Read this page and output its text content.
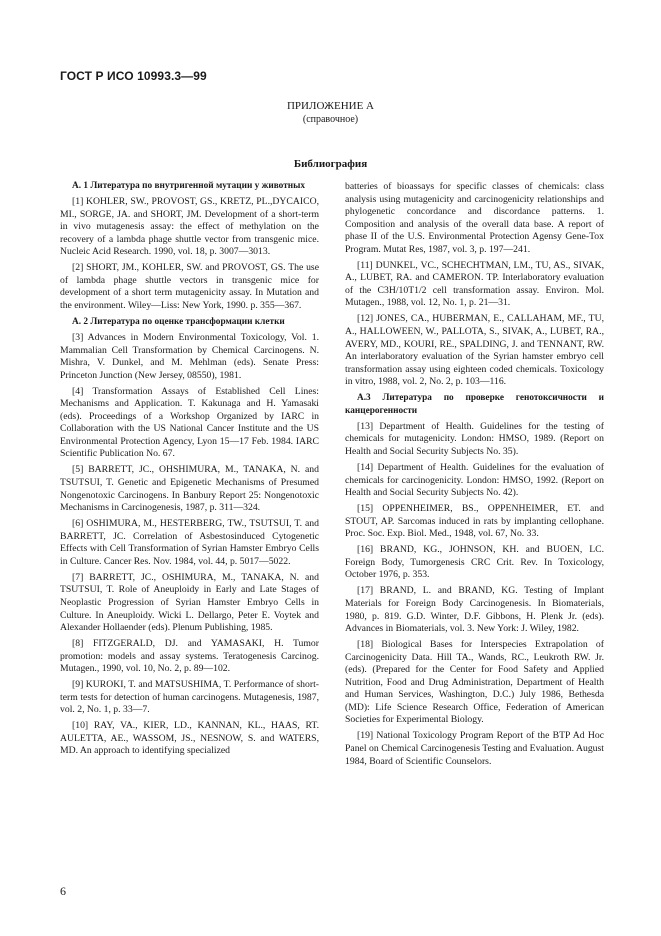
ГОСТ Р ИСО 10993.3—99
ПРИЛОЖЕНИЕ А
(справочное)
Библиография

А. 1 Литература по внутригенной мутации у животных

[1] KOHLER, SW., PROVOST, GS., KRETZ, PL.,DYCAICO, MI., SORGE, JA. and SHORT, JM. Development of a short-term in vivo mutagenesis assay: the effect of methylation on the recovery of a lambda phage shuttle vector from transgenic mice. Nucleic Acid Research. 1990, vol. 18, p. 3007—3013.

[2] SHORT, JM., KOHLER, SW. and PROVOST, GS. The use of lambda phage shuttle vectors in transgenic mice for development of a short term mutagenicity assay. In Mutation and the environment. Wiley—Liss: New York, 1990. p. 355—367.

А. 2 Литература по оценке трансформации клетки

[3] Advances in Modern Environmental Toxicology, Vol. 1. Mammalian Cell Transformation by Chemical Carcinogens. N. Mishra, V. Dunkel, and M. Mehlman (eds). Senate Press: Princeton Junction (New Jersey, 08550), 1981.

[4] Transformation Assays of Established Cell Lines: Mechanisms and Application. T. Kakunaga and H. Yamasaki (eds). Proceedings of a Workshop Organized by IARC in Collaboration with the US National Cancer Institute and the US Environmental Protection Agency, Lyon 15—17 Feb. 1984. IARC Scientific Publication No. 67.

[5] BARRETT, JC., OHSHIMURA, M., TANAKA, N. and TSUTSUI, T. Genetic and Epigenetic Mechanisms of Presumed Nongenotoxic Carcinogens. In Banbury Report 25: Nongenotoxic Mechanisms in Carcinogenesis, 1987, p. 311—324.

[6] OSHIMURA, M., HESTERBERG, TW., TSUTSUI, T. and BARRETT, JC. Correlation of Asbestosinduced Cytogenetic Effects with Cell Transformation of Syrian Hamster Embryo Cells in Culture. Cancer Res. Nov. 1984, vol. 44, p. 5017—5022.

[7] BARRETT, JC., OSHIMURA, M., TANAKA, N. and TSUTSUI, T. Role of Aneuploidy in Early and Late Stages of Neoplastic Progression of Syrian Hamster Embryo Cells in Culture. In Aneuploidy. Wicki L. Dellargo, Peter E. Voytek and Alexander Hollaender (eds). Plenum Publishing, 1985.

[8] FITZGERALD, DJ. and YAMASAKI, H. Tumor promotion: models and assay systems. Teratogenesis Carcinog. Mutagen., 1990, vol. 10, No. 2, p. 89—102.

[9] KUROKI, T. and MATSUSHIMA, T. Performance of short-term tests for detection of human carcinogens. Mutagenesis, 1987, vol. 2, No. 1, p. 33—7.

[10] RAY, VA., KIER, LD., KANNAN, KL., HAAS, RT. AULETTA, AE., WASSOM, JS., NESNOW, S. and WATERS, MD. An approach to identifying specialized

batteries of bioassays for specific classes of chemicals: class analysis using mutagenicity and carcinogenicity relationships and phylogenetic concordance and discordance patterns. 1. Composition and analysis of the overall data base. A report of phase II of the U.S. Environmental Protection Agensy Gene-Tox Program. Mutat Res, 1987, vol. 3, p. 197—241.

[11] DUNKEL, VC., SCHECHTMAN, LM., TU, AS., SIVAK, A., LUBET, RA. and CAMERON. TP. Interlaboratory evaluation of the C3H/10T1/2 cell transformation assay. Environ. Mol. Mutagen., 1988, vol. 12, No. 1, p. 21—31.

[12] JONES, CA., HUBERMAN, E., CALLAHAM, MF., TU, A., HALLOWEEN, W., PALLOTA, S., SIVAK, A., LUBET, RA., AVERY, MD., KOURI, RE., SPALDING, J. and TENNANT, RW. An interlaboratory evaluation of the Syrian hamster embryo cell transformation assay using eighteen coded chemicals. Toxicology in vitro, 1988, vol. 2, No. 2, p. 103—116.

А.3 Литература по проверке генотоксичности и канцерогенности

[13] Department of Health. Guidelines for the testing of chemicals for mutagenicity. London: HMSO, 1989. (Report on Health and Social Security Subjects No. 35).

[14] Department of Health. Guidelines for the evaluation of chemicals for carcinogenicity. London: HMSO, 1992. (Report on Health and Social Security Subjects No. 42).

[15] OPPENHEIMER, BS., OPPENHEIMER, ET. and STOUT, AP. Sarcomas induced in rats by implanting cellophane. Proc. Soc. Exp. Biol. Med., 1948, vol. 67, No. 33.

[16] BRAND, KG., JOHNSON, KH. and BUOEN, LC. Foreign Body, Tumorgenesis CRC Crit. Rev. In Toxicology, October 1976, p. 353.

[17] BRAND, L. and BRAND, KG. Testing of Implant Materials for Foreign Body Carcinogenesis. In Biomaterials, 1980, p. 819. G.D. Winter, D.F. Gibbons, H. Plenk Jr. (eds). Advances in Biomaterials, vol. 3. New York: J. Wiley, 1982.

[18] Biological Bases for Interspecies Extrapolation of Carcinogenicity Data. Hill TA., Wands, RC., Leukroth RW. Jr. (eds). (Prepared for the Center for Food Safety and Applied Nutrition, Food and Drug Administration, Department of Health and Human Services, Washington, D.C.) July 1986, Bethesda (MD): Life Science Research Office, Federation of American Societies for Experimental Biology.

[19] National Toxicology Program Report of the BTP Ad Hoc Panel on Chemical Carcinogenesis Testing and Evaluation. August 1984, Board of Scientific Counselors.

6
